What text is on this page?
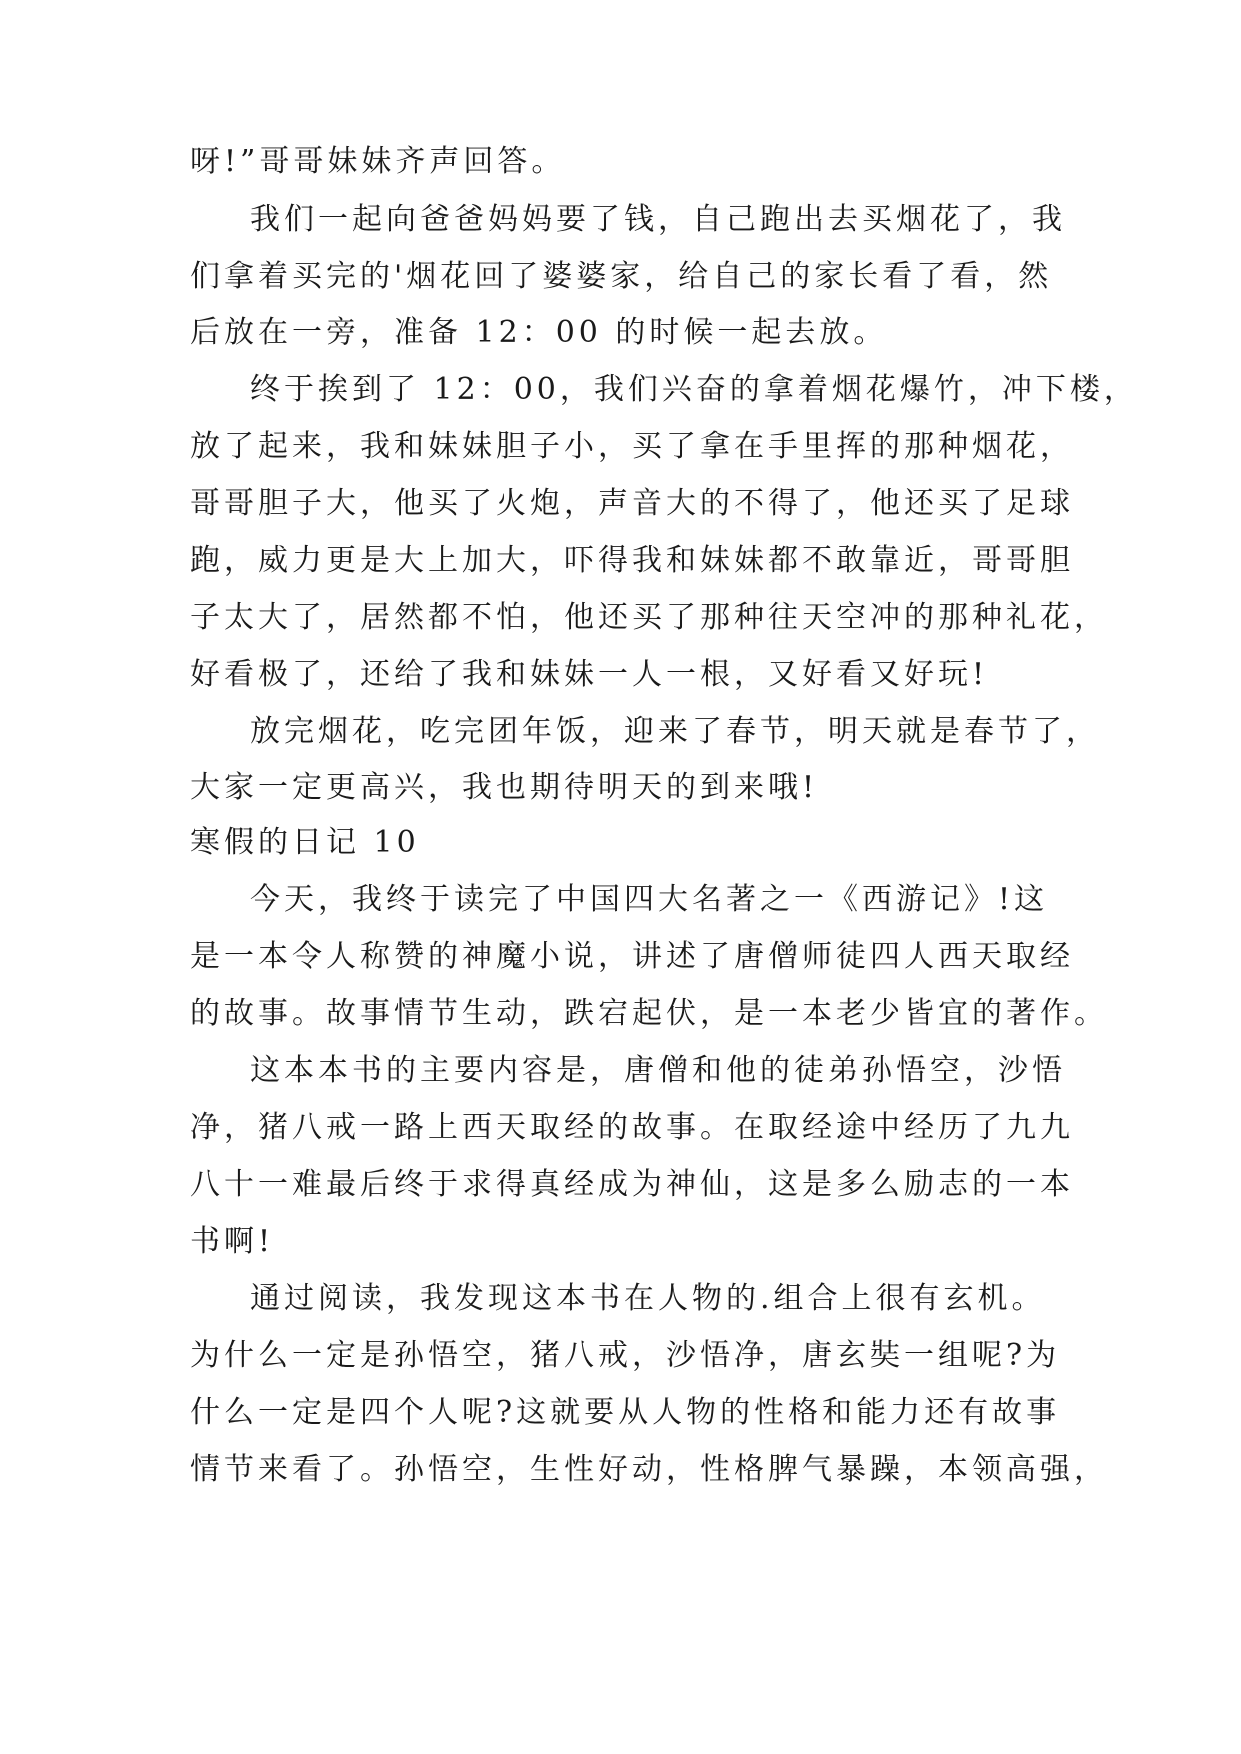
呀!”哥哥妹妹齐声回答。
我们一起向爸爸妈妈要了钱，自己跑出去买烟花了，我
们拿着买完的'烟花回了婆婆家，给自己的家长看了看，然
后放在一旁，准备 12：00 的时候一起去放。
终于挨到了 12：00，我们兴奋的拿着烟花爆竹，冲下楼，
放了起来，我和妹妹胆子小，买了拿在手里挥的那种烟花，
哥哥胆子大，他买了火炮，声音大的不得了，他还买了足球
跑，威力更是大上加大，吓得我和妹妹都不敢靠近，哥哥胆
子太大了，居然都不怕，他还买了那种往天空冲的那种礼花，
好看极了，还给了我和妹妹一人一根，又好看又好玩!
放完烟花，吃完团年饭，迎来了春节，明天就是春节了，
大家一定更高兴，我也期待明天的到来哦!
寒假的日记 10
今天，我终于读完了中国四大名著之一《西游记》!这
是一本令人称赞的神魔小说，讲述了唐僧师徒四人西天取经
的故事。故事情节生动，跌宕起伏，是一本老少皆宜的著作。
这本本书的主要内容是，唐僧和他的徒弟孙悟空，沙悟
净，猪八戒一路上西天取经的故事。在取经途中经历了九九
八十一难最后终于求得真经成为神仙，这是多么励志的一本
书啊!
通过阅读，我发现这本书在人物的.组合上很有玄机。
为什么一定是孙悟空，猪八戒，沙悟净，唐玄奘一组呢?为
什么一定是四个人呢?这就要从人物的性格和能力还有故事
情节来看了。孙悟空，生性好动，性格脾气暴躁，本领高强，
